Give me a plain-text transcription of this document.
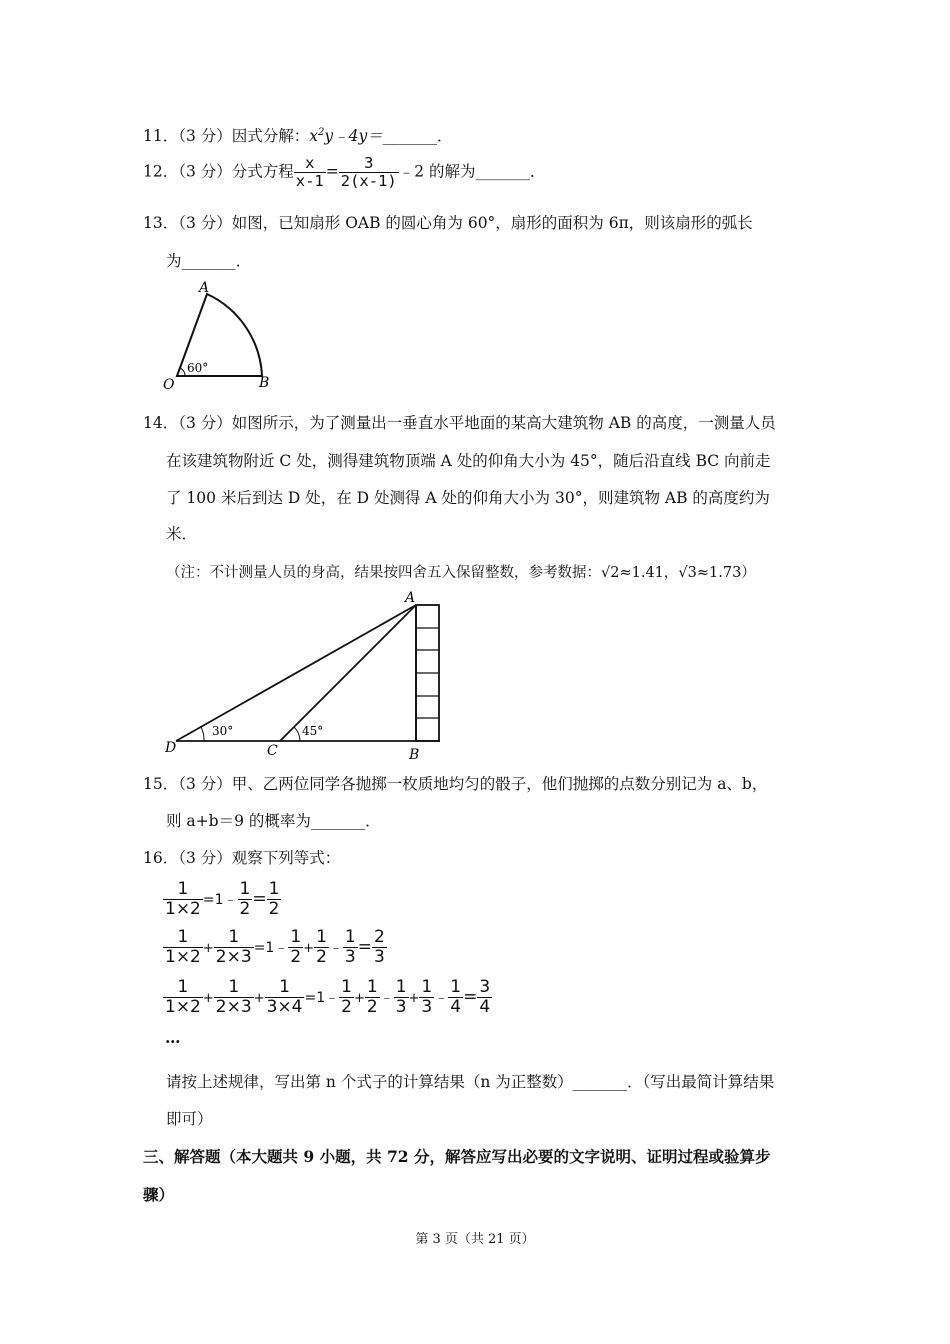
11．（3 分）因式分解：$x^2y﹣4y=\_\_\_\_\_\_\_$．
12．（3 分）分式方程 $\frac{x}{x-1} = \frac{3}{2(x-1)}$ ﹣2 的解为_______．
13．（3 分）如图，已知扇形 OAB 的圆心角为 60°，扇形的面积为 6π，则该扇形的弧长
为_______．
A
O	B
60°
14．（3 分）如图所示，为了测量出一垂直水平地面的某高大建筑物 AB 的高度，一测量人员
在该建筑物附近 C 处，测得建筑物顶端 A 处的仰角大小为 45°，随后沿直线 BC 向前走
了 100 米后到达 D 处，在 D 处测得 A 处的仰角大小为 30°，则建筑物 AB 的高度约为
米．
（注：不计测量人员的身高，结果按四舍五入保留整数，参考数据：√2≈1.41，√3≈1.73）
30°	45°
A
B
C
D
15．（3 分）甲、乙两位同学各抛掷一枚质地均匀的骰子，他们抛掷的点数分别记为 a、b，
则 a+b＝9 的概率为_______．
16．（3 分）观察下列等式：
$\frac{1}{1\times 2}$ =1﹣ $\frac{1}{2} = \frac{1}{2}$
$\frac{1}{1\times 2} + \frac{1}{2\times 3}$ =1﹣ $\frac{1}{2} + \frac{1}{2}$ ﹣ $\frac{1}{3} = \frac{2}{3}$
$\frac{1}{1\times 2} + \frac{1}{2\times 3} + \frac{1}{3\times 4}$ =1﹣ $\frac{1}{2} + \frac{1}{2}$ ﹣ $\frac{1}{3} + \frac{1}{3}$ ﹣ $\frac{1}{4} = \frac{3}{4}$
…
请按上述规律，写出第 n 个式子的计算结果（n 为正整数）_______．（写出最简计算结果
即可）
三、解答题（本大题共 9 小题，共 72 分，解答应写出必要的文字说明、证明过程或验算步
骤）
第 3 页（共 21 页）
